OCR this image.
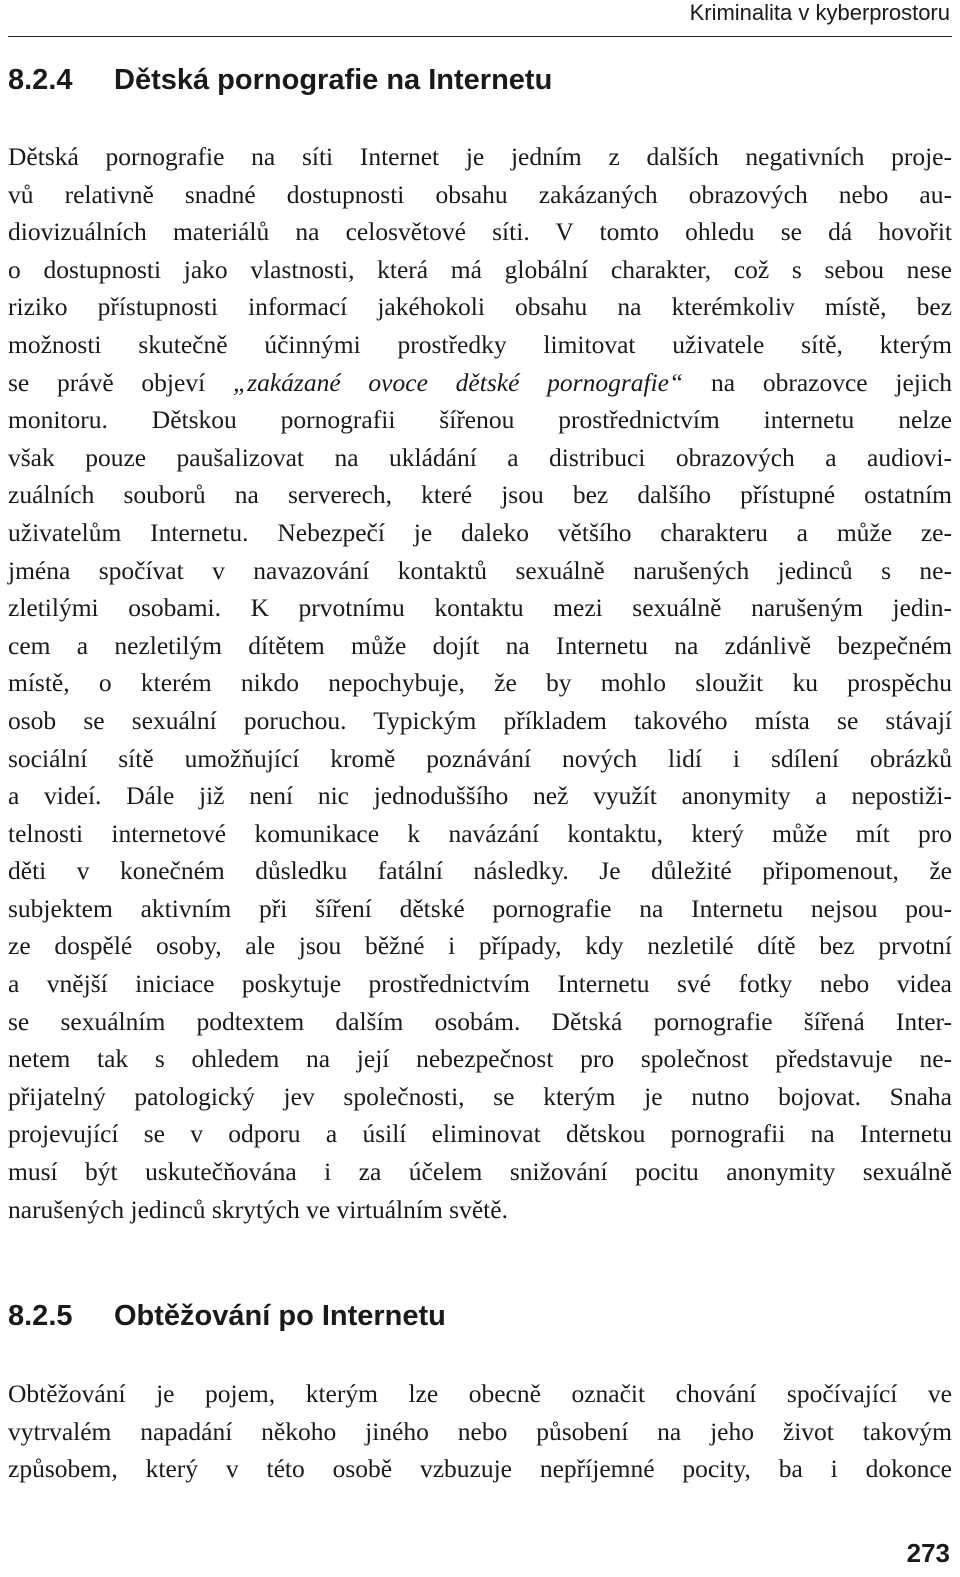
Kriminalita v kyberprostoru
8.2.4 Dětská pornografie na Internetu

Dětská pornografie na síti Internet je jedním z dalších negativních proje-
vů relativně snadné dostupnosti obsahu zakázaných obrazových nebo au-
diovizuálních materiálů na celosvětové síti. V tomto ohledu se dá hovořit
o dostupnosti jako vlastnosti, která má globální charakter, což s sebou nese
riziko přístupnosti informací jakéhokoli obsahu na kterémkoliv místě, bez
možnosti skutečně účinnými prostředky limitovat uživatele sítě, kterým
se právě objeví „zakázané ovoce dětské pornografie“ na obrazovce jejich
monitoru. Dětskou pornografii šířenou prostřednictvím internetu nelze
však pouze paušalizovat na ukládání a distribuci obrazových a audiovi-
zuálních souborů na serverech, které jsou bez dalšího přístupné ostatním
uživatelům Internetu. Nebezpečí je daleko většího charakteru a může ze-
jména spočívat v navazování kontaktů sexuálně narušených jedinců s ne-
zletilými osobami. K prvotnímu kontaktu mezi sexuálně narušeným jedin-
cem a nezletilým dítětem může dojít na Internetu na zdánlivě bezpečném
místě, o kterém nikdo nepochybuje, že by mohlo sloužit ku prospěchu
osob se sexuální poruchou. Typickým příkladem takového místa se stávají
sociální sítě umožňující kromě poznávání nových lidí i sdílení obrázků
a videí. Dále již není nic jednoduššího než využít anonymity a nepostiži-
telnosti internetové komunikace k navázání kontaktu, který může mít pro
děti v konečném důsledku fatální následky. Je důležité připomenout, že
subjektem aktivním při šíření dětské pornografie na Internetu nejsou pou-
ze dospělé osoby, ale jsou běžné i případy, kdy nezletilé dítě bez prvotní
a vnější iniciace poskytuje prostřednictvím Internetu své fotky nebo videa
se sexuálním podtextem dalším osobám. Dětská pornografie šířená Inter-
netem tak s ohledem na její nebezpečnost pro společnost představuje ne-
přijatelný patologický jev společnosti, se kterým je nutno bojovat. Snaha
projevující se v odporu a úsilí eliminovat dětskou pornografii na Internetu
musí být uskutečňována i za účelem snižování pocitu anonymity sexuálně
narušených jedinců skrytých ve virtuálním světě.

8.2.5 Obtěžování po Internetu

Obtěžování je pojem, kterým lze obecně označit chování spočívající ve
vytrvalém napadání někoho jiného nebo působení na jeho život takovým
způsobem, který v této osobě vzbuzuje nepříjemné pocity, ba i dokonce

273
